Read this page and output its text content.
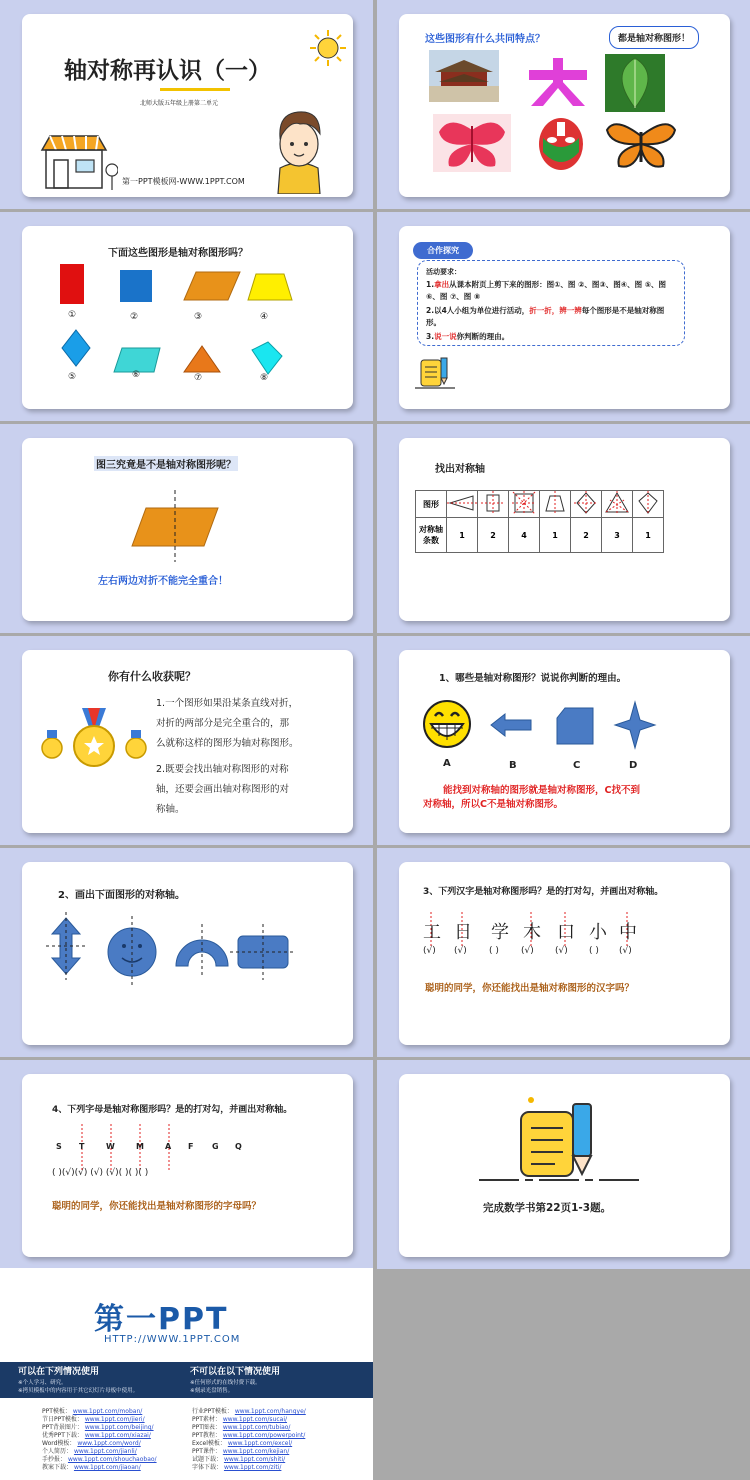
轴对称再认识（一）
北师大版五年级上册第二单元
第一PPT模板网-WWW.1PPT.COM
这些图形有什么共同特点？	都是轴对称图形！
下面这些图形是轴对称图形吗？
①	②	③	④
⑤	⑥	⑦	⑧
合作探究
活动要求：
1.拿出从课本附页上剪下来的图形：图①、图 ②、图③、图④、图 ⑤、图 ⑥、图 ⑦、图 ⑧
2.以4人小组为单位进行活动，折一折，辨一辨每个图形是不是轴对称图形。
3.说一说你判断的理由。
图三究竟是不是轴对称图形呢？
左右两边对折不能完全重合！
找出对称轴
图形							
对称轴
条数	1	2	4	1	2	3	1
你有什么收获呢？
1.一个图形如果沿某条直线对折，
对折的两部分是完全重合的，那
么就称这样的图形为轴对称图形。
2.既要会找出轴对称图形的对称
轴，还要会画出轴对称图形的对
称轴。
1、哪些是轴对称图形？说说你判断的理由。
A	B	C	D
能找到对称轴的图形就是轴对称图形，C找不到
对称轴，所以C不是轴对称图形。
2、画出下面图形的对称轴。	3、下列汉字是轴对称图形吗？是的打对勾，并画出对称轴。
工 日 学 木 口 小 中
(√) (√) ( ) (√) (√) ( ) (√)
聪明的同学，你还能找出是轴对称图形的汉字吗？
4、下列字母是轴对称图形吗？是的打对勾，并画出对称轴。
S T	W	M	A F G Q
( )(√)(√) (√) (√)( )( )( )
聪明的同学，你还能找出是轴对称图形的字母吗？	完成数学书第22页1-3题。
第一PPT
HTTP://WWW.1PPT.COM
可以在下列情况使用
※个人学习、研究。
※拷贝模板中的内容用于其它幻灯片母板中使用。
不可以在以下情况使用
※任何形式的在线付费下载。
※刻录光盘销售。
PPT模板： www.1ppt.com/moban/
节日PPT模板： www.1ppt.com/jieri/
PPT背景图片： www.1ppt.com/beijing/
优秀PPT下载： www.1ppt.com/xiazai/
Word模板： www.1ppt.com/word/
个人简历： www.1ppt.com/jianli/
手抄报： www.1ppt.com/shouchaobao/
教案下载： www.1ppt.com/jiaoan/
行业PPT模板： www.1ppt.com/hangye/
PPT素材： www.1ppt.com/sucai/
PPT图表： www.1ppt.com/tubiao/
PPT教程： www.1ppt.com/powerpoint/
Excel模板： www.1ppt.com/excel/
PPT课件： www.1ppt.com/kejian/
试题下载： www.1ppt.com/shiti/
字体下载： www.1ppt.com/ziti/
